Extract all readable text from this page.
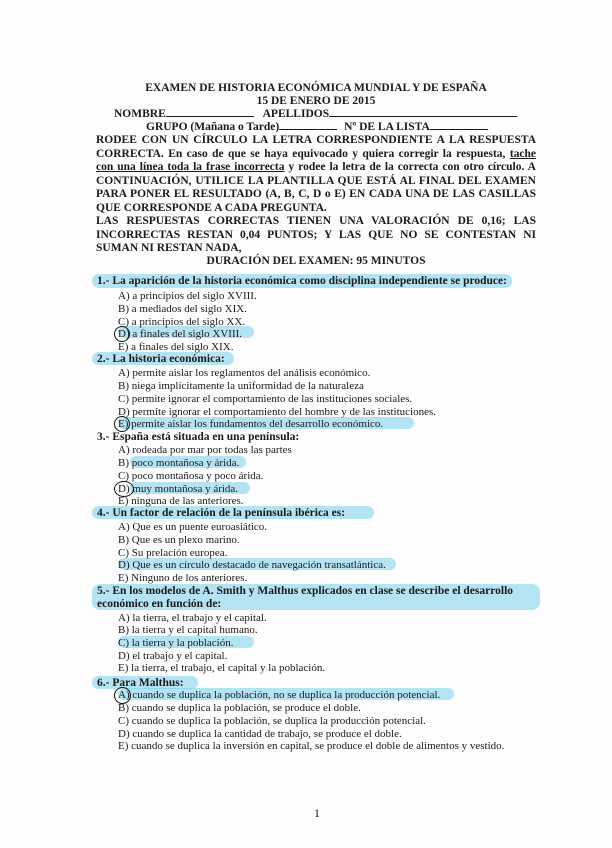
EXAMEN DE HISTORIA ECONÓMICA MUNDIAL Y DE ESPAÑA
15 DE ENERO DE 2015
NOMBRE	APELLIDOS
GRUPO (Mañana o Tarde)	Nº DE LA LISTA
RODEE CON UN CÍRCULO LA LETRA CORRESPONDIENTE A LA RESPUESTA CORRECTA. En caso de que se haya equivocado y quiera corregir la respuesta, tache con una línea toda la frase incorrecta y rodee la letra de la correcta con otro círculo. A CONTINUACIÓN, UTILICE LA PLANTILLA QUE ESTÁ AL FINAL DEL EXAMEN PARA PONER EL RESULTADO (A, B, C, D o E) EN CADA UNA DE LAS CASILLAS QUE CORRESPONDE A CADA PREGUNTA.
LAS RESPUESTAS CORRECTAS TIENEN UNA VALORACIÓN DE 0,16; LAS INCORRECTAS RESTAN 0,04 PUNTOS; Y LAS QUE NO SE CONTESTAN NI SUMAN NI RESTAN NADA,
DURACIÓN DEL EXAMEN: 95 MINUTOS
1.- La aparición de la historia económica como disciplina independiente se produce:
A) a principios del siglo XVIII.
B) a mediados del siglo XIX.
C) a principios del siglo XX.
D) a finales del siglo XVIII.
E) a finales del siglo XIX.
2.- La historia económica:
A) permite aislar los reglamentos del análisis económico.
B) niega implícitamente la uniformidad de la naturaleza
C) permite ignorar el comportamiento de las instituciones sociales.
D) permite ignorar el comportamiento del hombre y de las instituciones.
E) permite aislar los fundamentos del desarrollo económico.
3.- España está situada en una península:
A) rodeada por mar por todas las partes
B) poco montañosa y árida.
C) poco montañosa y poco árida.
D) muy montañosa y árida.
E) ninguna de las anteriores.
4.- Un factor de relación de la península ibérica es:
A) Que es un puente euroasiático.
B) Que es un plexo marino.
C) Su prelación europea.
D) Que es un círculo destacado de navegación transatlántica.
E) Ninguno de los anteriores.
5.- En los modelos de A. Smith y Malthus explicados en clase se describe el desarrollo
económico en función de:
A) la tierra, el trabajo y el capital.
B) la tierra y el capital humano.
C) la tierra y la población.
D) el trabajo y el capital.
E) la tierra, el trabajo, el capital y la población.
6.- Para Malthus:
A) cuando se duplica la población, no se duplica la producción potencial.
B) cuando se duplica la población, se produce el doble.
C) cuando se duplica la población, se duplica la producción potencial.
D) cuando se duplica la cantidad de trabajo, se produce el doble.
E) cuando se duplica la inversión en capital, se produce el doble de alimentos y vestido.
1
